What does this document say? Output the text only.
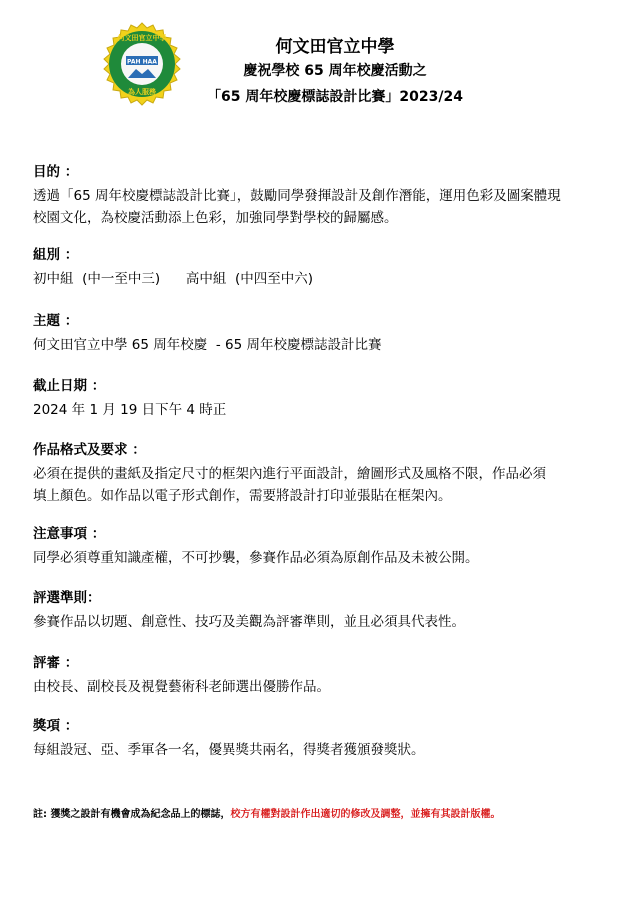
PAH HAA
何文田官立中學
為人服務
何文田官立中學
慶祝學校 65 周年校慶活動之
「65 周年校慶標誌設計比賽」2023/24
目的 ：
透過「65 周年校慶標誌設計比賽」，鼓勵同學發揮設計及創作潛能，運用色彩及圖案體現
校園文化，為校慶活動添上色彩，加強同學對學校的歸屬感。
組別 ：
初中組  (中一至中三)      高中組  (中四至中六)
主題 ：
何文田官立中學 65 周年校慶  - 65 周年校慶標誌設計比賽
截止日期 ：
2024 年 1 月 19 日下午 4 時正
作品格式及要求 ：
必須在提供的畫紙及指定尺寸的框架內進行平面設計，繪圖形式及風格不限，作品必須
填上顏色。如作品以電子形式創作，需要將設計打印並張貼在框架內。
注意事項 ：
同學必須尊重知識產權，不可抄襲，參賽作品必須為原創作品及未被公開。
評選準則：
參賽作品以切題、創意性、技巧及美觀為評審準則，並且必須具代表性。
評審 ：
由校長、副校長及視覺藝術科老師選出優勝作品。
獎項 ：
每組設冠、亞、季軍各一名，優異獎共兩名，得獎者獲頒發獎狀。
註: 獲獎之設計有機會成為紀念品上的標誌，校方有權對設計作出適切的修改及調整，並擁有其設計版權。
